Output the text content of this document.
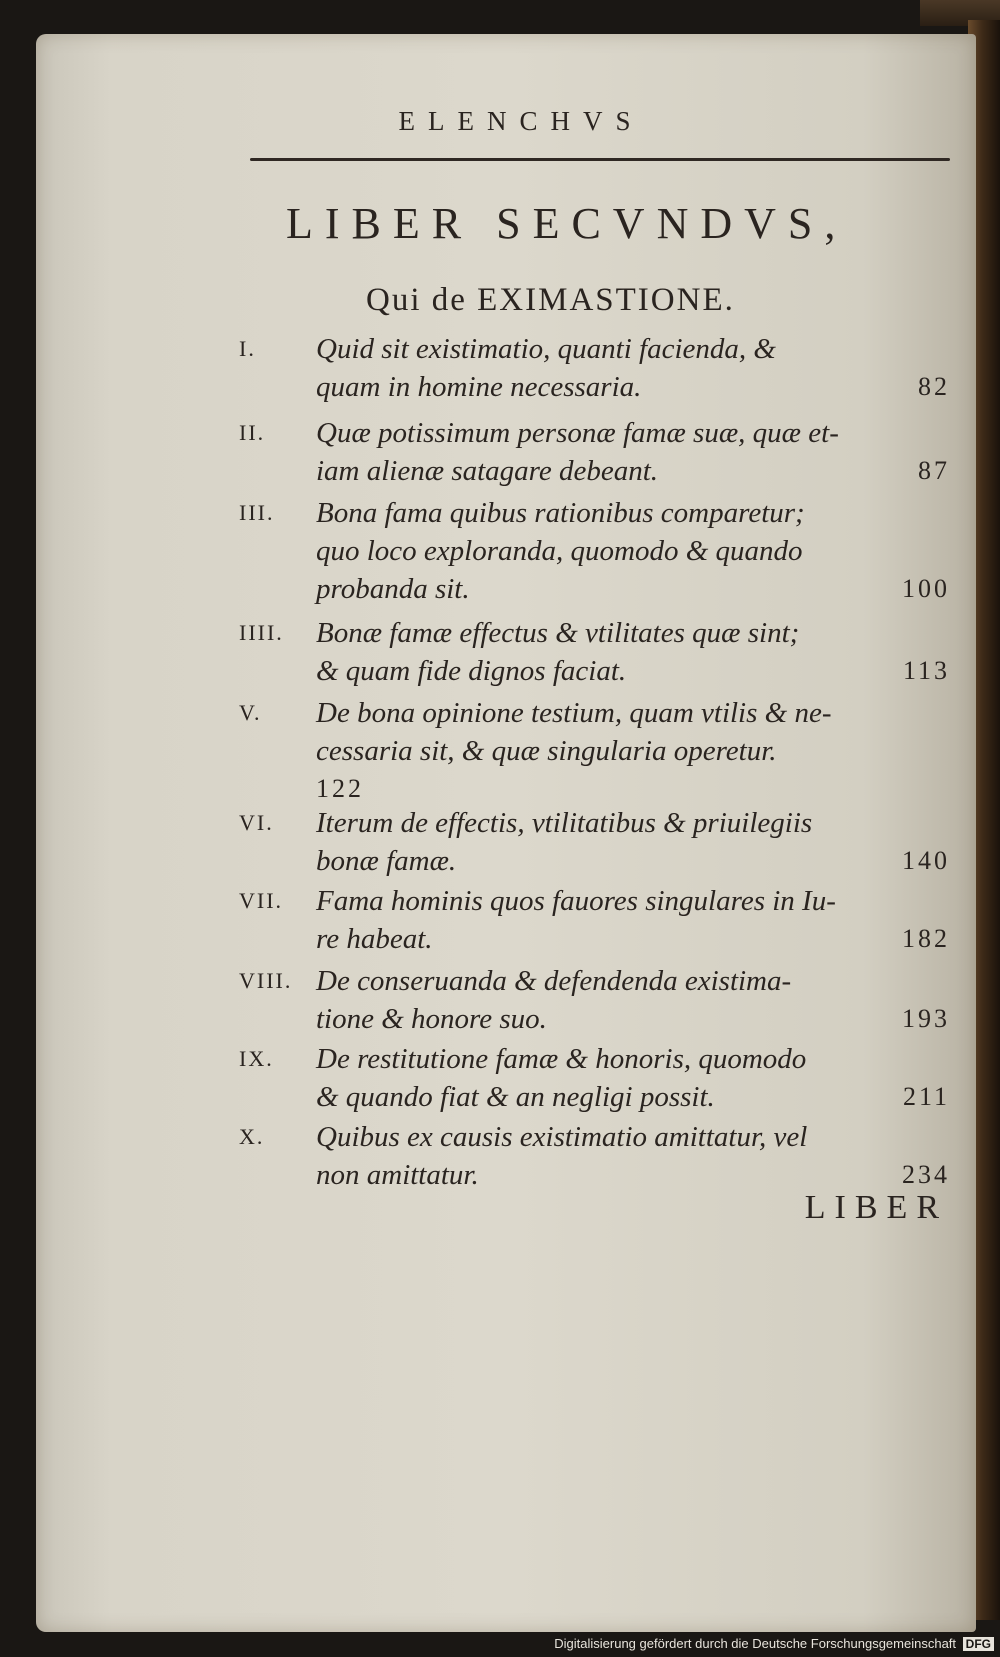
ELENCHVS
LIBER SECVNDVS,
Qui de EXIMASTIONE.
I. Quid sit existimatio, quanti facienda, &
quam in homine necessaria.	82
II. Quæ potissimum personæ famæ suæ, quæ et-
iam alienæ satagare debeant.	87
III. Bona fama quibus rationibus comparetur;
quo loco exploranda, quomodo & quando
probanda sit.	100
IIII. Bonæ famæ effectus & vtilitates quæ sint;
& quam fide dignos faciat.	113
V. De bona opinione testium, quam vtilis & ne-
cessaria sit, & quæ singularia operetur.
122
VI. Iterum de effectis, vtilitatibus & priuilegiis
bonæ famæ.	140
VII. Fama hominis quos fauores singulares in Iu-
re habeat.	182
VIII. De conseruanda & defendenda existima-
tione & honore suo.	193
IX. De restitutione famæ & honoris, quomodo
& quando fiat & an negligi possit.	211
X. Quibus ex causis existimatio amittatur, vel
non amittatur.	234
LIBER
Digitalisierung gefördert durch die Deutsche Forschungsgemeinschaft DFG
